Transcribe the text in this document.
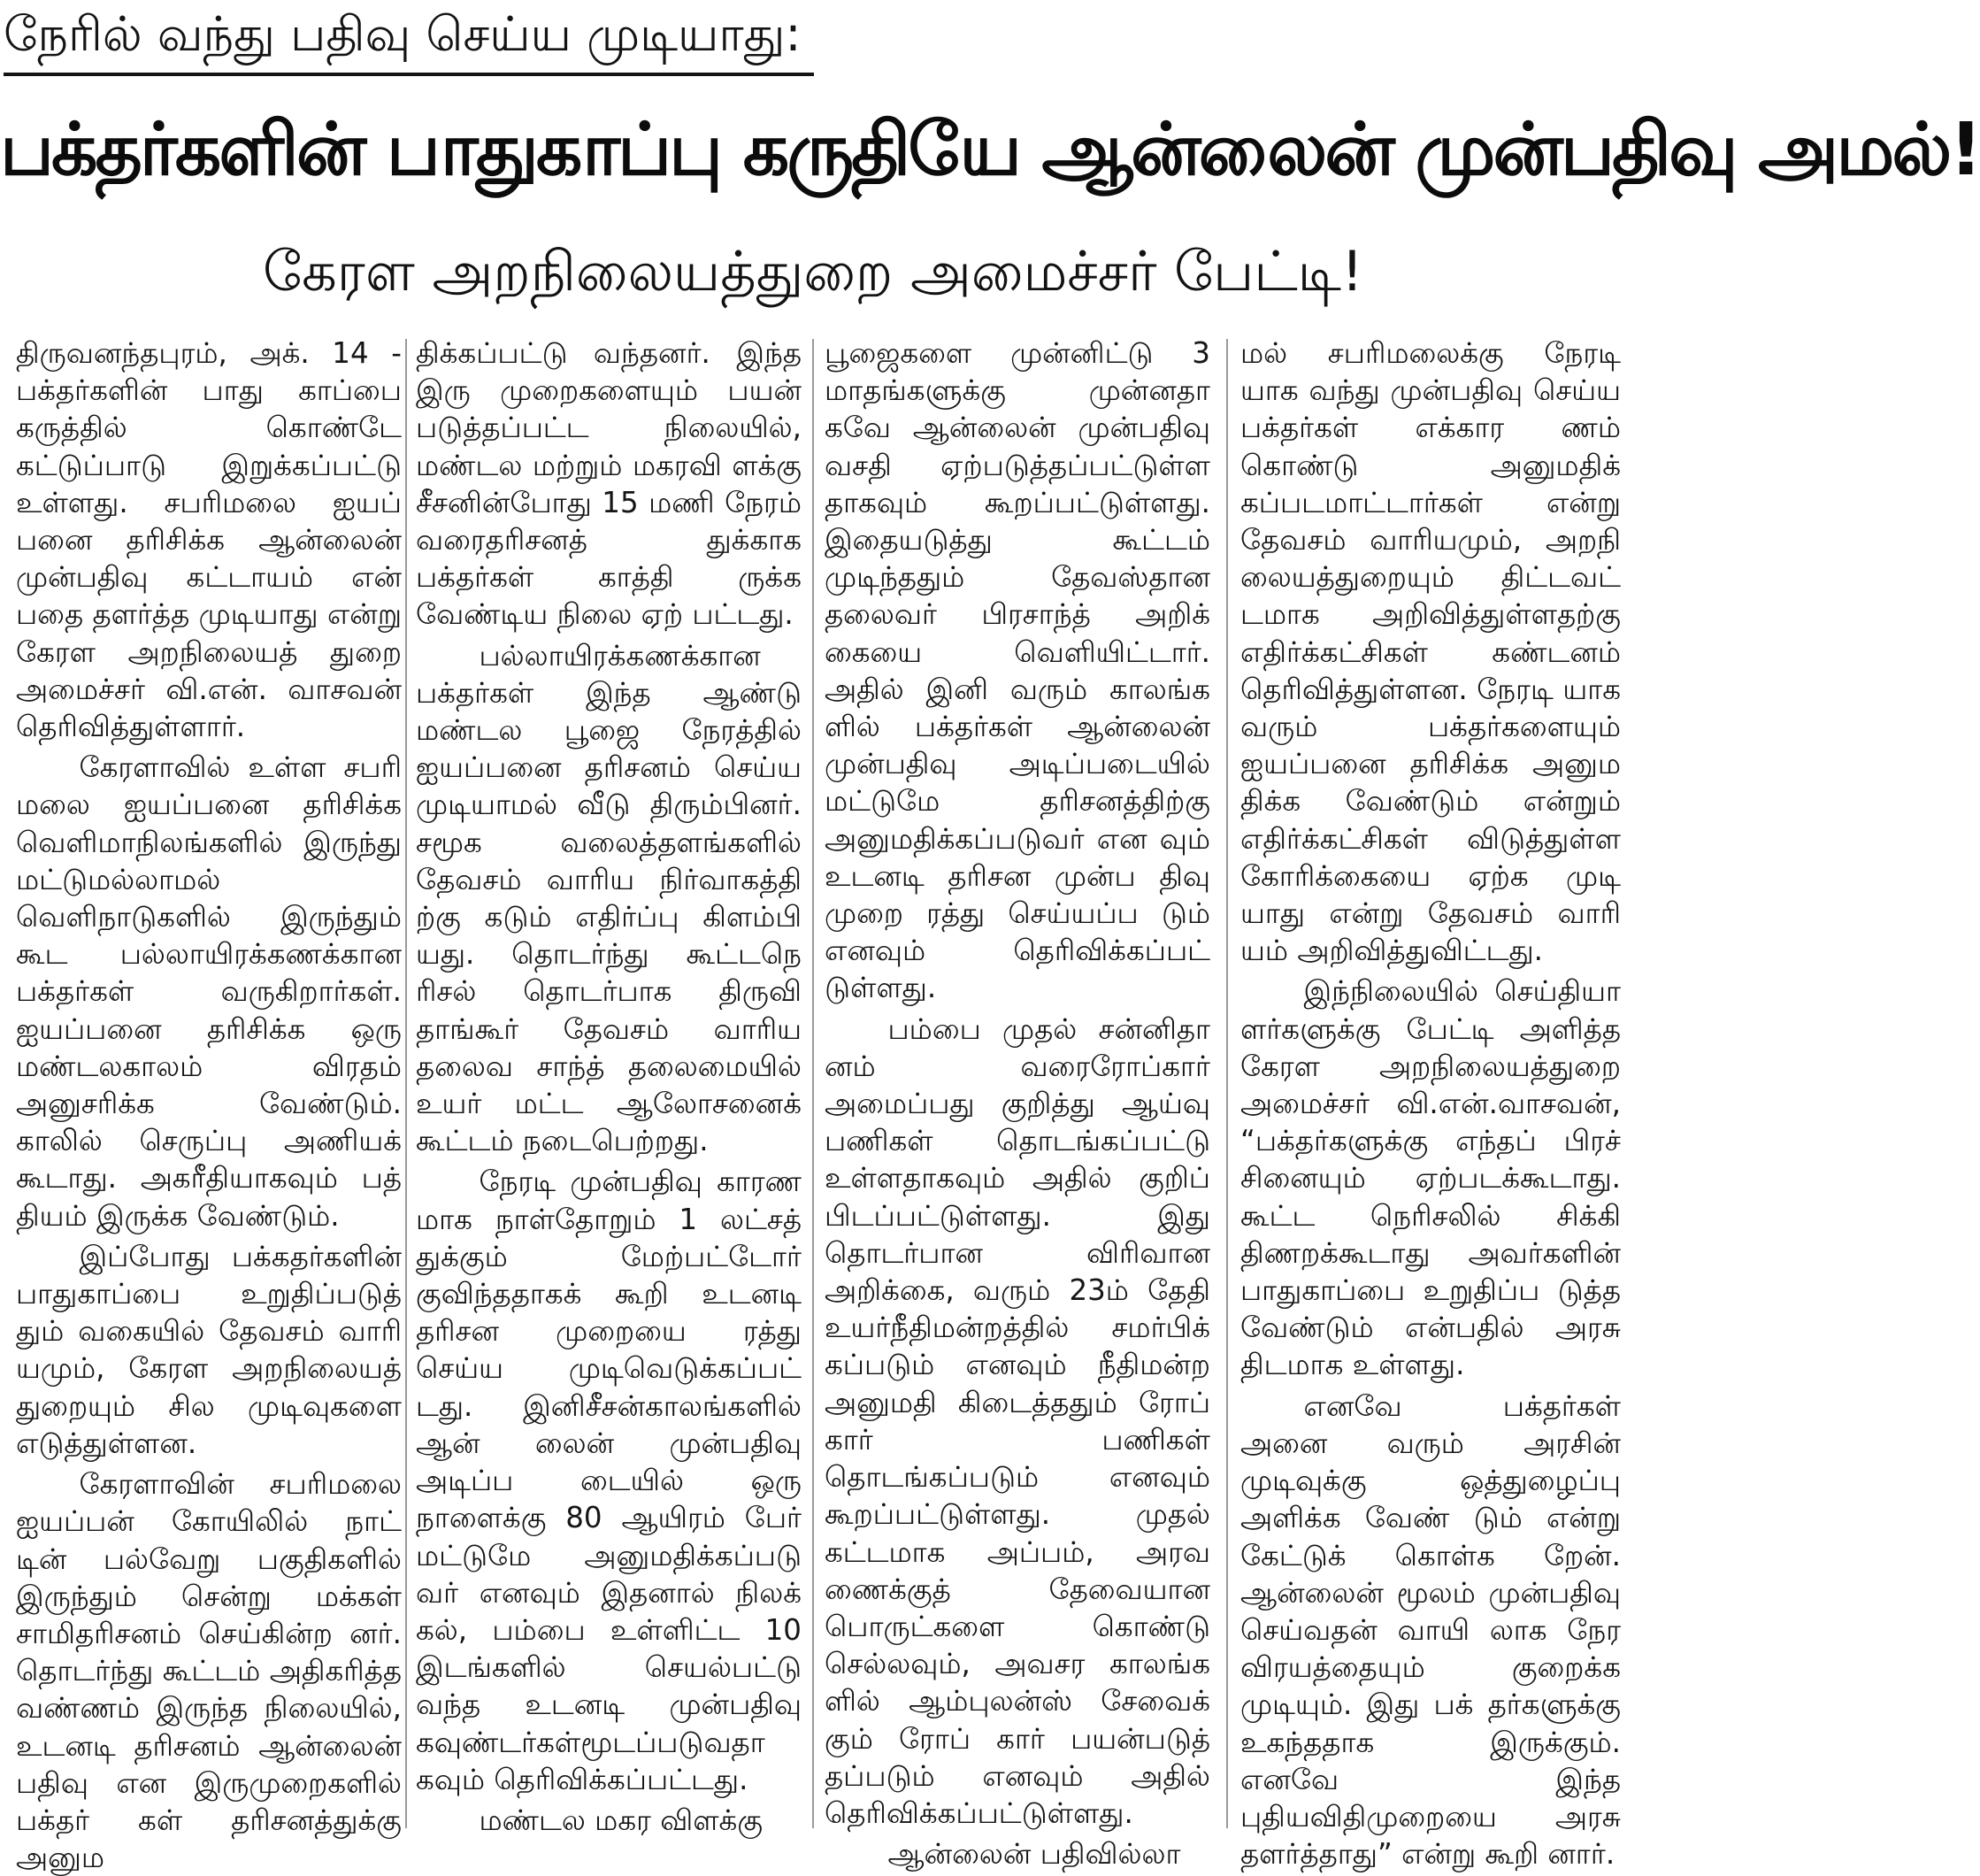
நேரில் வந்து பதிவு செய்ய முடியாது:
பக்தர்களின் பாதுகாப்பு கருதியே ஆன்லைன் முன்பதிவு அமல்!
கேரள அறநிலையத்துறை அமைச்சர் பேட்டி!

திருவனந்தபுரம், அக். 14 - பக்தர்களின் பாது காப்பை கருத்தில் கொண்டே கட்டுப்பாடு இறுக்கப்பட்டு உள்ளது. சபரிமலை ஐயப் பனை தரிசிக்க ஆன்லைன் முன்பதிவு கட்டாயம் என் பதை தளர்த்த முடியாது என்று கேரள அறநிலையத் துறை அமைச்சர் வி.என். வாசவன் தெரிவித்துள்ளார்.

கேரளாவில் உள்ள சபரி மலை ஐயப்பனை தரிசிக்க வெளிமாநிலங்களில் இருந்து மட்டுமல்லாமல் வெளிநாடுகளில் இருந்தும் கூட பல்லாயிரக்கணக்கான பக்தர்கள் வருகிறார்கள். ஐயப்பனை தரிசிக்க ஒரு மண்டலகாலம் விரதம் அனுசரிக்க வேண்டும். காலில் செருப்பு அணியக் கூடாது. அகரீதியாகவும் பத் தியம் இருக்க வேண்டும்.

இப்போது பக்கதர்களின் பாதுகாப்பை உறுதிப்படுத் தும் வகையில் தேவசம் வாரி யமும், கேரள அறநிலையத் துறையும் சில முடிவுகளை எடுத்துள்ளன.

கேரளாவின் சபரிமலை ஐயப்பன் கோயிலில் நாட் டின் பல்வேறு பகுதிகளில் இருந்தும் சென்று மக்கள் சாமிதரிசனம் செய்கின்ற னர். தொடர்ந்து கூட்டம் அதிகரித்த வண்ணம் இருந்த நிலையில், உடனடி தரிசனம் ஆன்லைன் பதிவு என இருமுறைகளில் பக்தர் கள் தரிசனத்துக்கு அனும

திக்கப்பட்டு வந்தனர். இந்த இரு முறைகளையும் பயன் படுத்தப்பட்ட நிலையில், மண்டல மற்றும் மகரவி ளக்கு சீசனின்போது 15 மணி நேரம் வரைதரிசனத் துக்காக பக்தர்கள் காத்தி ருக்க வேண்டிய நிலை ஏற் பட்டது.

பல்லாயிரக்கணக்கான பக்தர்கள் இந்த ஆண்டு மண்டல பூஜை நேரத்தில் ஐயப்பனை தரிசனம் செய்ய முடியாமல் வீடு திரும்பினர். சமூக வலைத்தளங்களில் தேவசம் வாரிய நிர்வாகத்தி ற்கு கடும் எதிர்ப்பு கிளம்பி யது. தொடர்ந்து கூட்டநெ ரிசல் தொடர்பாக திருவி தாங்கூர் தேவசம் வாரிய தலைவ சாந்த் தலைமையில் உயர் மட்ட ஆலோசனைக் கூட்டம் நடைபெற்றது.

நேரடி முன்பதிவு காரண மாக நாள்தோறும் 1 லட்சத் துக்கும் மேற்பட்டோர் குவிந்ததாகக் கூறி உடனடி தரிசன முறையை ரத்து செய்ய முடிவெடுக்கப்பட் டது. இனிசீசன்காலங்களில் ஆன் லைன் முன்பதிவு அடிப்ப டையில் ஒரு நாளைக்கு 80 ஆயிரம் பேர் மட்டுமே அனுமதிக்கப்படு வர் எனவும் இதனால் நிலக் கல், பம்பை உள்ளிட்ட 10 இடங்களில் செயல்பட்டு வந்த உடனடி முன்பதிவு கவுண்டர்கள்மூடப்படுவதா கவும் தெரிவிக்கப்பட்டது.

மண்டல மகர விளக்கு

பூஜைகளை முன்னிட்டு 3 மாதங்களுக்கு முன்னதா கவே ஆன்லைன் முன்பதிவு வசதி ஏற்படுத்தப்பட்டுள்ள தாகவும் கூறப்பட்டுள்ளது. இதையடுத்து கூட்டம் முடிந்ததும் தேவஸ்தான தலைவர் பிரசாந்த் அறிக் கையை வெளியிட்டார். அதில் இனி வரும் காலங்க ளில் பக்தர்கள் ஆன்லைன் முன்பதிவு அடிப்படையில் மட்டுமே தரிசனத்திற்கு அனுமதிக்கப்படுவர் என வும் உடனடி தரிசன முன்ப திவு முறை ரத்து செய்யப்ப டும் எனவும் தெரிவிக்கப்பட் டுள்ளது.

பம்பை முதல் சன்னிதா னம் வரைரோப்கார் அமைப்பது குறித்து ஆய்வு பணிகள் தொடங்கப்பட்டு உள்ளதாகவும் அதில் குறிப் பிடப்பட்டுள்ளது. இது தொடர்பான விரிவான அறிக்கை, வரும் 23ம் தேதி உயர்நீதிமன்றத்தில் சமர்பிக் கப்படும் எனவும் நீதிமன்ற அனுமதி கிடைத்ததும் ரோப் கார் பணிகள் தொடங்கப்படும் எனவும் கூறப்பட்டுள்ளது. முதல் கட்டமாக அப்பம், அரவ ணைக்குத் தேவையான பொருட்களை கொண்டு செல்லவும், அவசர காலங்க ளில் ஆம்புலன்ஸ் சேவைக் கும் ரோப் கார் பயன்படுத் தப்படும் எனவும் அதில் தெரிவிக்கப்பட்டுள்ளது.

ஆன்லைன் பதிவில்லா

மல் சபரிமலைக்கு நேரடி யாக வந்து முன்பதிவு செய்ய பக்தர்கள் எக்கார ணம் கொண்டு அனுமதிக் கப்படமாட்டார்கள் என்று தேவசம் வாரியமும், அறநி லையத்துறையும் திட்டவட் டமாக அறிவித்துள்ளதற்கு எதிர்க்கட்சிகள் கண்டனம் தெரிவித்துள்ளன. நேரடி யாக வரும் பக்தர்களையும் ஐயப்பனை தரிசிக்க அனும திக்க வேண்டும் என்றும் எதிர்க்கட்சிகள் விடுத்துள்ள கோரிக்கையை ஏற்க முடி யாது என்று தேவசம் வாரி யம் அறிவித்துவிட்டது.

இந்நிலையில் செய்தியா ளர்களுக்கு பேட்டி அளித்த கேரள அறநிலையத்துறை அமைச்சர் வி.என்.வாசவன், “பக்தர்களுக்கு எந்தப் பிரச் சினையும் ஏற்படக்கூடாது. கூட்ட நெரிசலில் சிக்கி திணறக்கூடாது அவர்களின் பாதுகாப்பை உறுதிப்ப டுத்த வேண்டும் என்பதில் அரசு திடமாக உள்ளது.

எனவே பக்தர்கள் அனை வரும் அரசின் முடிவுக்கு ஒத்துழைப்பு அளிக்க வேண் டும் என்று கேட்டுக் கொள்க றேன். ஆன்லைன் மூலம் முன்பதிவு செய்வதன் வாயி லாக நேர விரயத்தையும் குறைக்க முடியும். இது பக் தர்களுக்கு உகந்ததாக இருக்கும். எனவே இந்த புதியவிதிமுறையை அரசு தளர்த்தாது” என்று கூறி னார்.
